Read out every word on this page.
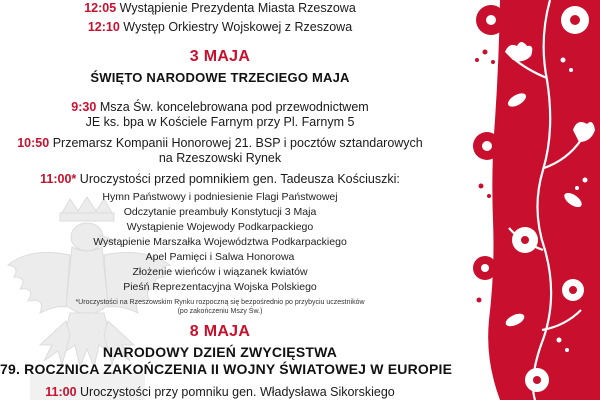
12:05 Wystąpienie Prezydenta Miasta Rzeszowa
12:10 Występ Orkiestry Wojskowej z Rzeszowa
3 MAJA
ŚWIĘTO NARODOWE TRZECIEGO MAJA
9:30 Msza Św. koncelebrowana pod przewodnictwem
JE ks. bpa w Kościele Farnym przy Pl. Farnym 5
10:50 Przemarsz Kompanii Honorowej 21. BSP i pocztów sztandarowych
na Rzeszowski Rynek
11:00* Uroczystości przed pomnikiem gen. Tadeusza Kościuszki:
Hymn Państwowy i podniesienie Flagi Państwowej
Odczytanie preambuły Konstytucji 3 Maja
Wystąpienie Wojewody Podkarpackiego
Wystąpienie Marszałka Województwa Podkarpackiego
Apel Pamięci i Salwa Honorowa
Złożenie wieńców i wiązanek kwiatów
Pieśń Reprezentacyjna Wojska Polskiego
*Uroczystości na Rzeszowskim Rynku rozpoczną się bezpośrednio po przybyciu uczestników
(po zakończeniu Mszy Św.)
8 MAJA
NARODOWY DZIEŃ ZWYCIĘSTWA
79. ROCZNICA ZAKOŃCZENIA II WOJNY ŚWIATOWEJ W EUROPIE
11:00 Uroczystości przy pomniku gen. Władysława Sikorskiego
